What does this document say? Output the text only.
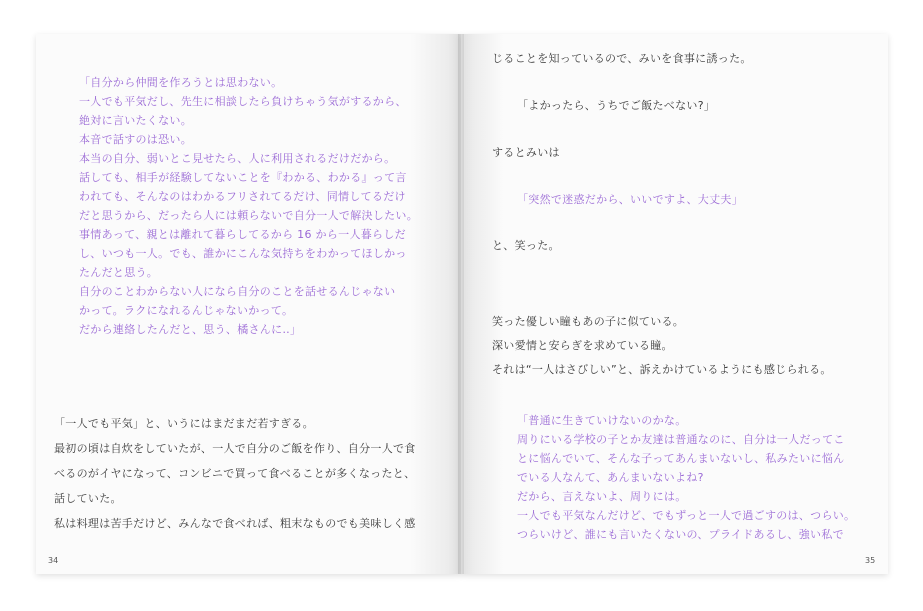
「自分から仲間を作ろうとは思わない。
一人でも平気だし、先生に相談したら負けちゃう気がするから、
絶対に言いたくない。
本音で話すのは恐い。
本当の自分、弱いとこ見せたら、人に利用されるだけだから。
話しても、相手が経験してないことを『わかる、わかる』って言
われても、そんなのはわかるフリされてるだけ、同情してるだけ
だと思うから、だったら人には頼らないで自分一人で解決したい。
事情あって、親とは離れて暮らしてるから 16 から一人暮らしだ
し、いつも一人。でも、誰かにこんな気持ちをわかってほしかっ
たんだと思う。
自分のことわからない人になら自分のことを話せるんじゃない
かって。ラクになれるんじゃないかって。
だから連絡したんだと、思う、橘さんに‥」
「一人でも平気」と、いうにはまだまだ若すぎる。
最初の頃は自炊をしていたが、一人で自分のご飯を作り、自分一人で食
べるのがイヤになって、コンビニで買って食べることが多くなったと、
話していた。
私は料理は苦手だけど、みんなで食べれば、粗末なものでも美味しく感
34
じることを知っているので、みいを食事に誘った。
「よかったら、うちでご飯たべない?」
するとみいは
「突然で迷惑だから、いいですよ、大丈夫」
と、笑った。
笑った優しい瞳もあの子に似ている。
深い愛情と安らぎを求めている瞳。
それは“一人はさびしい”と、訴えかけているようにも感じられる。
「普通に生きていけないのかな。
周りにいる学校の子とか友達は普通なのに、自分は一人だってこ
とに悩んでいて、そんな子ってあんまいないし、私みたいに悩ん
でいる人なんて、あんまいないよね?
だから、言えないよ、周りには。
一人でも平気なんだけど、でもずっと一人で過ごすのは、つらい。
つらいけど、誰にも言いたくないの、プライドあるし、強い私で
35
